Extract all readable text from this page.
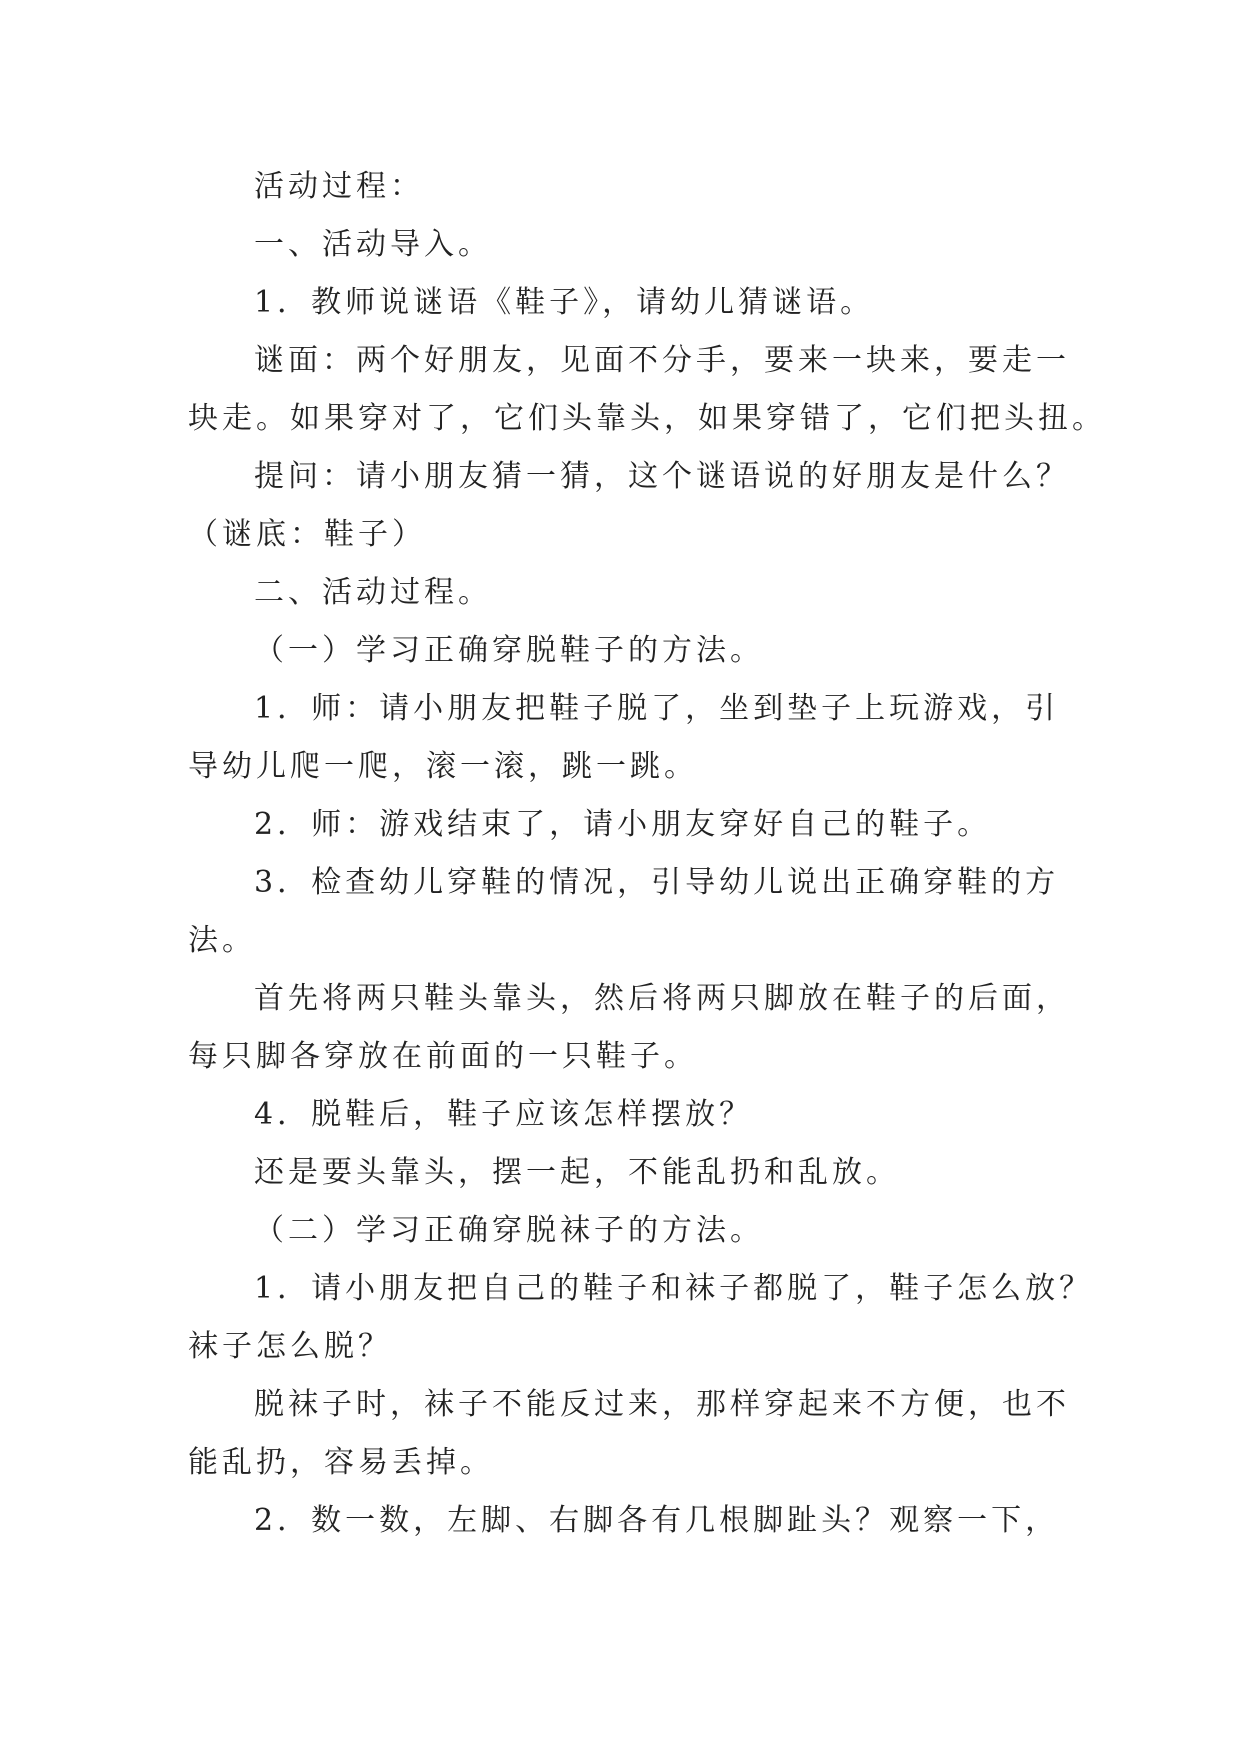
活动过程：

一、活动导入。

1．教师说谜语《鞋子》，请幼儿猜谜语。

谜面：两个好朋友，见面不分手，要来一块来，要走一

块走。如果穿对了，它们头靠头，如果穿错了，它们把头扭。

提问：请小朋友猜一猜，这个谜语说的好朋友是什么？

（谜底：鞋子）

二、活动过程。

（一）学习正确穿脱鞋子的方法。

1．师：请小朋友把鞋子脱了，坐到垫子上玩游戏，引

导幼儿爬一爬，滚一滚，跳一跳。

2．师：游戏结束了，请小朋友穿好自己的鞋子。

3．检查幼儿穿鞋的情况，引导幼儿说出正确穿鞋的方

法。

首先将两只鞋头靠头，然后将两只脚放在鞋子的后面，

每只脚各穿放在前面的一只鞋子。

4．脱鞋后，鞋子应该怎样摆放？

还是要头靠头，摆一起，不能乱扔和乱放。

（二）学习正确穿脱袜子的方法。

1．请小朋友把自己的鞋子和袜子都脱了，鞋子怎么放？

袜子怎么脱？

脱袜子时，袜子不能反过来，那样穿起来不方便，也不

能乱扔，容易丢掉。

2．数一数，左脚、右脚各有几根脚趾头？观察一下，
